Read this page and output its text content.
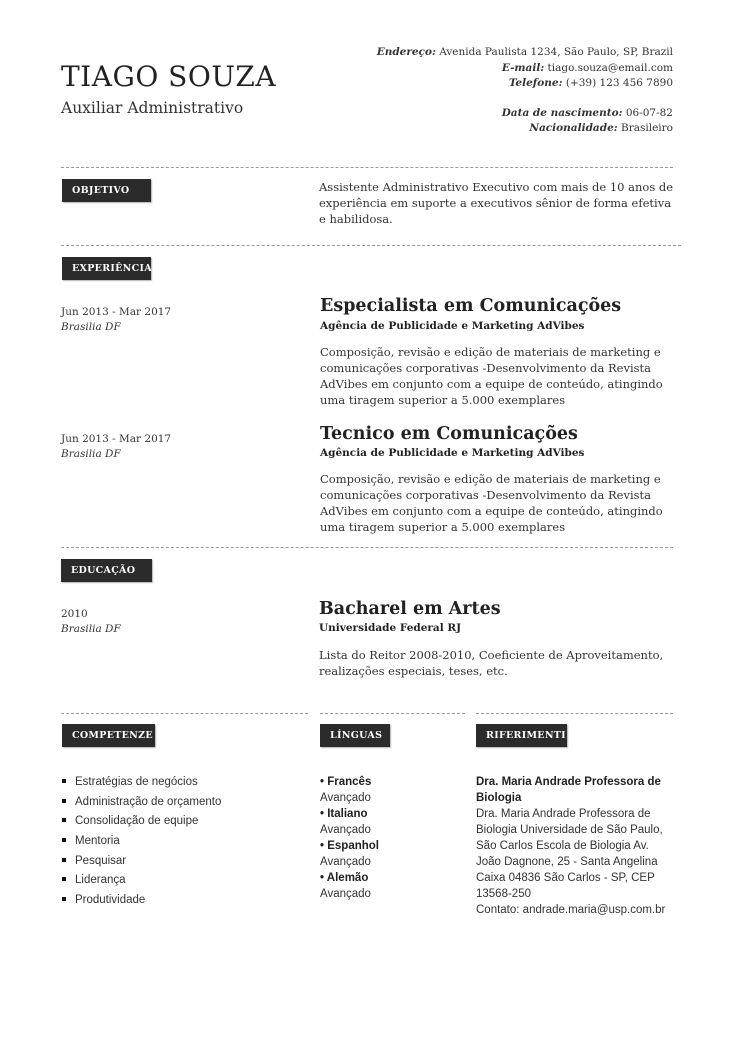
TIAGO SOUZA
Auxiliar Administrativo
Endereço: Avenida Paulista 1234, São Paulo, SP, Brazil
E-mail: tiago.souza@email.com
Telefone: (+39) 123 456 7890
Data de nascimento: 06-07-82
Nacionalidade: Brasileiro
OBJETIVO	Assistente Administrativo Executivo com mais de 10 anos de experiência em suporte a executivos sênior de forma efetiva e habilidosa.
EXPERIÊNCIA
Jun 2013 - Mar 2017
Brasilia DF
Especialista em Comunicações
Agência de Publicidade e Marketing AdVibes
Composição, revisão e edição de materiais de marketing e comunicações corporativas -Desenvolvimento da Revista AdVibes em conjunto com a equipe de conteúdo, atingindo uma tiragem superior a 5.000 exemplares
Jun 2013 - Mar 2017
Brasilia DF
Tecnico em Comunicações
Agência de Publicidade e Marketing AdVibes
Composição, revisão e edição de materiais de marketing e comunicações corporativas -Desenvolvimento da Revista AdVibes em conjunto com a equipe de conteúdo, atingindo uma tiragem superior a 5.000 exemplares
EDUCAÇÃO
2010
Brasilia DF
Bacharel em Artes
Universidade Federal RJ
Lista do Reitor 2008-2010, Coeficiente de Aproveitamento, realizações especiais, teses, etc.
COMPETENZE	LÍNGUAS	RIFERIMENTI
Estratégias de negócios
Administração de orçamento
Consolidação de equipe
Mentoria
Pesquisar
Liderança
Produtividade
• Francês
Avançado
• Italiano
Avançado
• Espanhol
Avançado
• Alemão
Avançado
Dra. Maria Andrade Professora de Biologia
Dra. Maria Andrade Professora de Biologia Universidade de São Paulo, São Carlos Escola de Biologia Av. João Dagnone, 25 - Santa Angelina Caixa 04836 São Carlos - SP, CEP 13568-250
Contato: andrade.maria@usp.com.br
